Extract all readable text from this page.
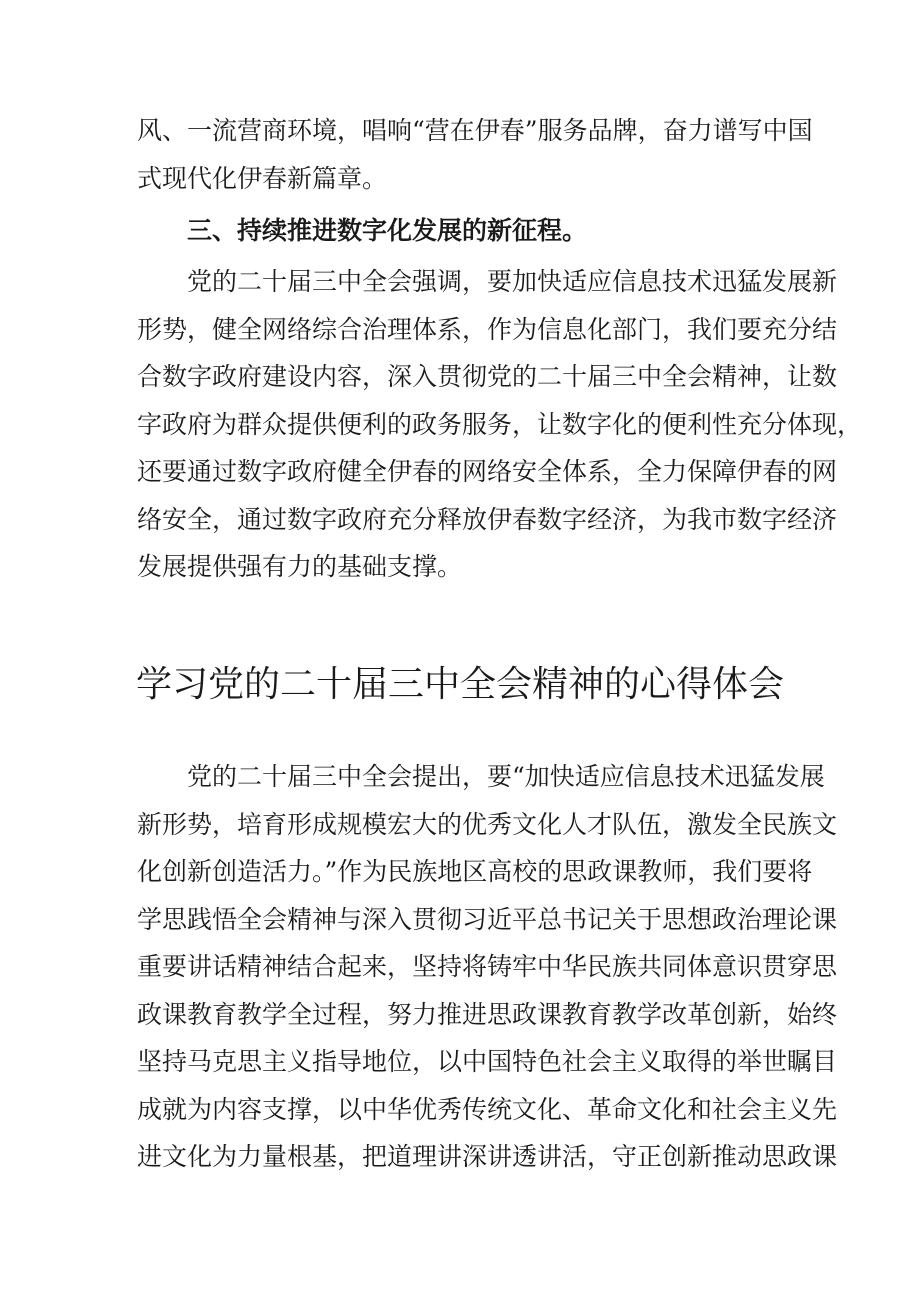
风、一流营商环境，唱响“营在伊春”服务品牌，奋力谱写中国
式现代化伊春新篇章。
三、持续推进数字化发展的新征程。
党的二十届三中全会强调，要加快适应信息技术迅猛发展新
形势，健全网络综合治理体系，作为信息化部门，我们要充分结
合数字政府建设内容，深入贯彻党的二十届三中全会精神，让数
字政府为群众提供便利的政务服务，让数字化的便利性充分体现，
还要通过数字政府健全伊春的网络安全体系，全力保障伊春的网
络安全，通过数字政府充分释放伊春数字经济，为我市数字经济
发展提供强有力的基础支撑。
学习党的二十届三中全会精神的心得体会
党的二十届三中全会提出，要“加快适应信息技术迅猛发展
新形势，培育形成规模宏大的优秀文化人才队伍，激发全民族文
化创新创造活力。”作为民族地区高校的思政课教师，我们要将
学思践悟全会精神与深入贯彻习近平总书记关于思想政治理论课
重要讲话精神结合起来，坚持将铸牢中华民族共同体意识贯穿思
政课教育教学全过程，努力推进思政课教育教学改革创新，始终
坚持马克思主义指导地位，以中国特色社会主义取得的举世瞩目
成就为内容支撑，以中华优秀传统文化、革命文化和社会主义先
进文化为力量根基，把道理讲深讲透讲活，守正创新推动思政课
